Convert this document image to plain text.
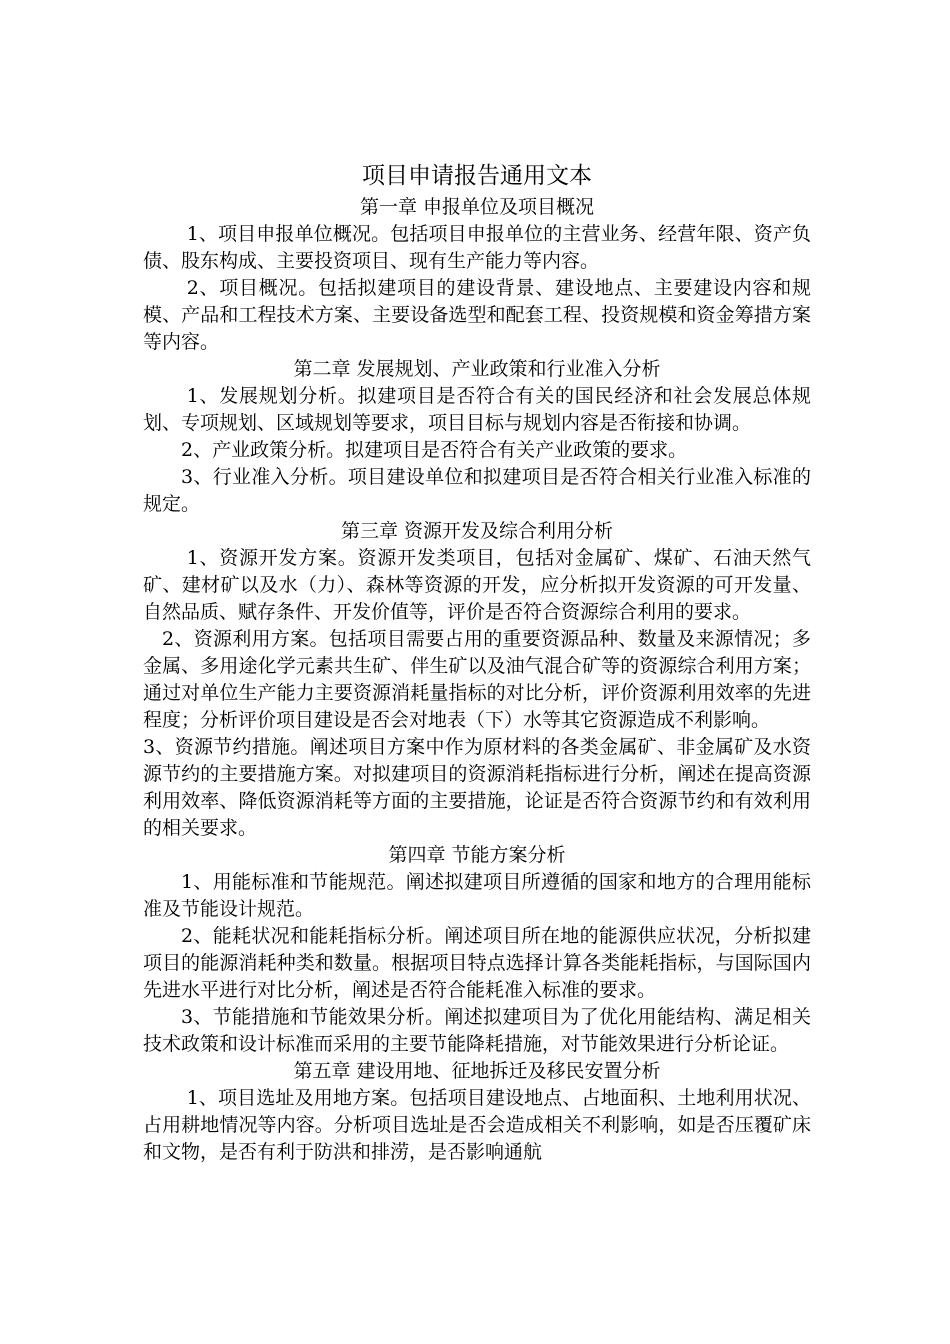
项目申请报告通用文本
第一章 申报单位及项目概况

1、项目申报单位概况。包括项目申报单位的主营业务、经营年限、资产负债、股东构成、主要投资项目、现有生产能力等内容。

2、项目概况。包括拟建项目的建设背景、建设地点、主要建设内容和规模、产品和工程技术方案、主要设备选型和配套工程、投资规模和资金筹措方案等内容。

第二章 发展规划、产业政策和行业准入分析

1、发展规划分析。拟建项目是否符合有关的国民经济和社会发展总体规划、专项规划、区域规划等要求，项目目标与规划内容是否衔接和协调。

2、产业政策分析。拟建项目是否符合有关产业政策的要求。

3、行业准入分析。项目建设单位和拟建项目是否符合相关行业准入标准的规定。

第三章 资源开发及综合利用分析

1、资源开发方案。资源开发类项目，包括对金属矿、煤矿、石油天然气矿、建材矿以及水（力）、森林等资源的开发，应分析拟开发资源的可开发量、自然品质、赋存条件、开发价值等，评价是否符合资源综合利用的要求。

2、资源利用方案。包括项目需要占用的重要资源品种、数量及来源情况；多金属、多用途化学元素共生矿、伴生矿以及油气混合矿等的资源综合利用方案；通过对单位生产能力主要资源消耗量指标的对比分析，评价资源利用效率的先进程度；分析评价项目建设是否会对地表（下）水等其它资源造成不利影响。

3、资源节约措施。阐述项目方案中作为原材料的各类金属矿、非金属矿及水资源节约的主要措施方案。对拟建项目的资源消耗指标进行分析，阐述在提高资源利用效率、降低资源消耗等方面的主要措施，论证是否符合资源节约和有效利用的相关要求。

第四章 节能方案分析

1、用能标准和节能规范。阐述拟建项目所遵循的国家和地方的合理用能标准及节能设计规范。

2、能耗状况和能耗指标分析。阐述项目所在地的能源供应状况，分析拟建项目的能源消耗种类和数量。根据项目特点选择计算各类能耗指标，与国际国内先进水平进行对比分析，阐述是否符合能耗准入标准的要求。

3、节能措施和节能效果分析。阐述拟建项目为了优化用能结构、满足相关技术政策和设计标准而采用的主要节能降耗措施，对节能效果进行分析论证。

第五章 建设用地、征地拆迁及移民安置分析

1、项目选址及用地方案。包括项目建设地点、占地面积、土地利用状况、占用耕地情况等内容。分析项目选址是否会造成相关不利影响，如是否压覆矿床和文物，是否有利于防洪和排涝，是否影响通航
